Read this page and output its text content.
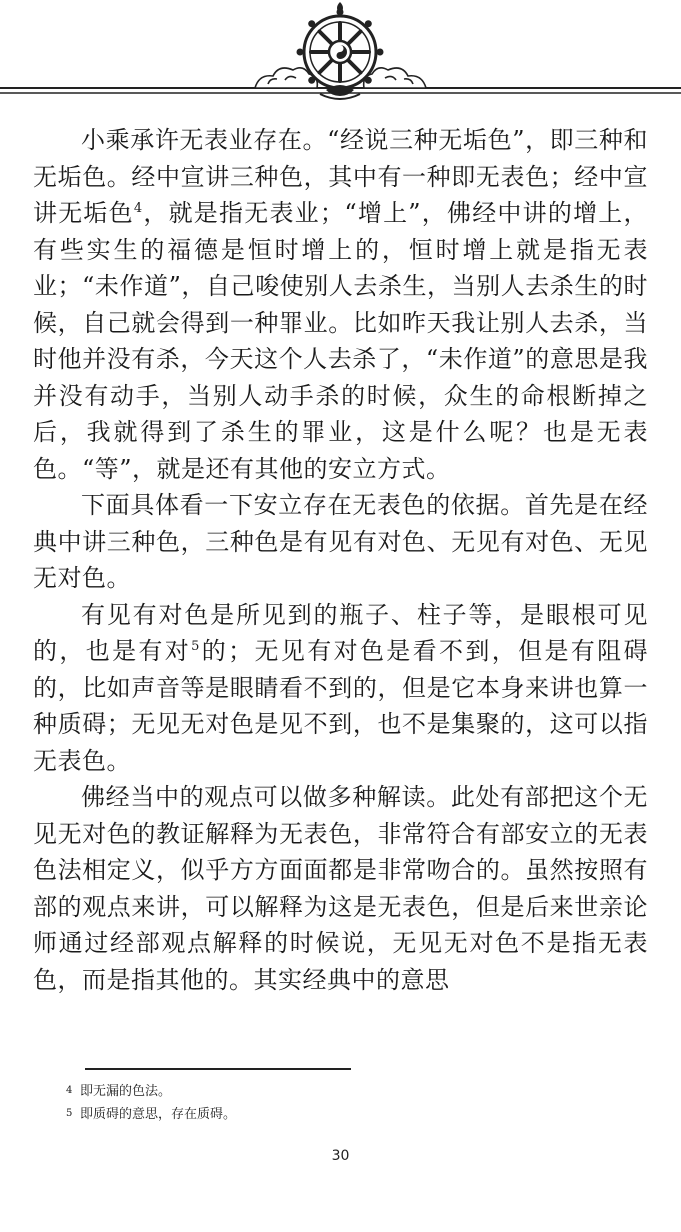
小乘承许无表业存在。“经说三种无垢色”，即三种和无垢色。经中宣讲三种色，其中有一种即无表色；经中宣讲无垢色$^4$，就是指无表业；“增上”，佛经中讲的增上，有些实生的福德是恒时增上的，恒时增上就是指无表业；“未作道”，自己唆使别人去杀生，当别人去杀生的时候，自己就会得到一种罪业。比如昨天我让别人去杀，当时他并没有杀，今天这个人去杀了，“未作道”的意思是我并没有动手，当别人动手杀的时候，众生的命根断掉之后，我就得到了杀生的罪业，这是什么呢？也是无表色。“等”，就是还有其他的安立方式。

下面具体看一下安立存在无表色的依据。首先是在经典中讲三种色，三种色是有见有对色、无见有对色、无见无对色。

有见有对色是所见到的瓶子、柱子等，是眼根可见的，也是有对$^5$的；无见有对色是看不到，但是有阻碍的，比如声音等是眼睛看不到的，但是它本身来讲也算一种质碍；无见无对色是见不到，也不是集聚的，这可以指无表色。

佛经当中的观点可以做多种解读。此处有部把这个无见无对色的教证解释为无表色，非常符合有部安立的无表色法相定义，似乎方方面面都是非常吻合的。虽然按照有部的观点来讲，可以解释为这是无表色，但是后来世亲论师通过经部观点解释的时候说，无见无对色不是指无表色，而是指其他的。其实经典中的意思

4 即无漏的色法。
5 即质碍的意思，存在质碍。
30
